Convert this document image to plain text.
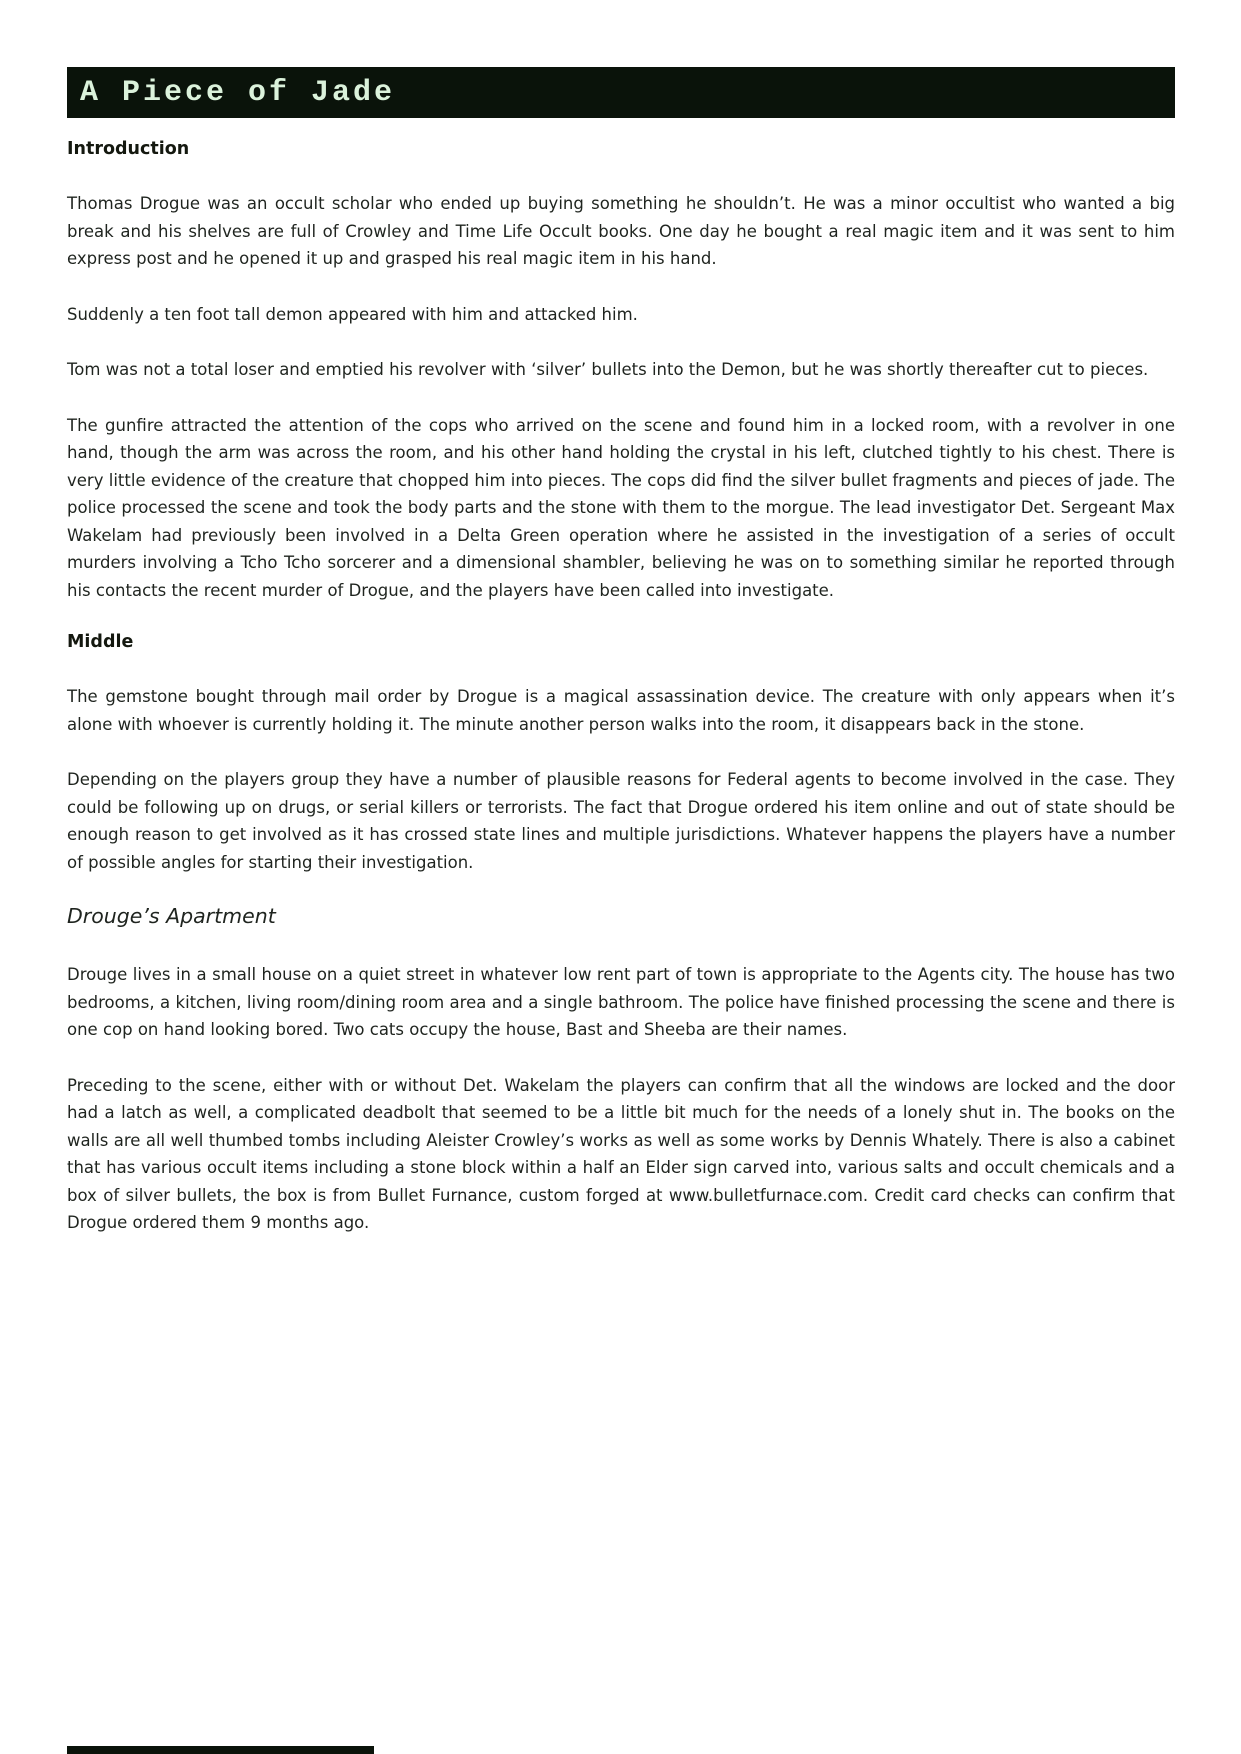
A Piece of Jade
Introduction

Thomas Drogue was an occult scholar who ended up buying something he shouldn’t. He was a minor occultist who wanted a big break and his shelves are full of Crowley and Time Life Occult books. One day he bought a real magic item and it was sent to him express post and he opened it up and grasped his real magic item in his hand.

Suddenly a ten foot tall demon appeared with him and attacked him.

Tom was not a total loser and emptied his revolver with ‘silver’ bullets into the Demon, but he was shortly thereafter cut to pieces.

The gunfire attracted the attention of the cops who arrived on the scene and found him in a locked room, with a revolver in one hand, though the arm was across the room, and his other hand holding the crystal in his left, clutched tightly to his chest. There is very little evidence of the creature that chopped him into pieces. The cops did find the silver bullet fragments and pieces of jade. The police processed the scene and took the body parts and the stone with them to the morgue. The lead investigator Det. Sergeant Max Wakelam had previously been involved in a Delta Green operation where he assisted in the investigation of a series of occult murders involving a Tcho Tcho sorcerer and a dimensional shambler, believing he was on to something similar he reported through his contacts the recent murder of Drogue, and the players have been called into investigate.

Middle

The gemstone bought through mail order by Drogue is a magical assassination device. The creature with only appears when it’s alone with whoever is currently holding it. The minute another person walks into the room, it disappears back in the stone.

Depending on the players group they have a number of plausible reasons for Federal agents to become involved in the case. They could be following up on drugs, or serial killers or terrorists. The fact that Drogue ordered his item online and out of state should be enough reason to get involved as it has crossed state lines and multiple jurisdictions. Whatever happens the players have a number of possible angles for starting their investigation.

Drouge’s Apartment

Drouge lives in a small house on a quiet street in whatever low rent part of town is appropriate to the Agents city. The house has two bedrooms, a kitchen, living room/dining room area and a single bathroom. The police have finished processing the scene and there is one cop on hand looking bored. Two cats occupy the house, Bast and Sheeba are their names.

Preceding to the scene, either with or without Det. Wakelam the players can confirm that all the windows are locked and the door had a latch as well, a complicated deadbolt that seemed to be a little bit much for the needs of a lonely shut in. The books on the walls are all well thumbed tombs including Aleister Crowley’s works as well as some works by Dennis Whately. There is also a cabinet that has various occult items including a stone block within a half an Elder sign carved into, various salts and occult chemicals and a box of silver bullets, the box is from Bullet Furnance, custom forged at www.bulletfurnace.com. Credit card checks can confirm that Drogue ordered them 9 months ago.
